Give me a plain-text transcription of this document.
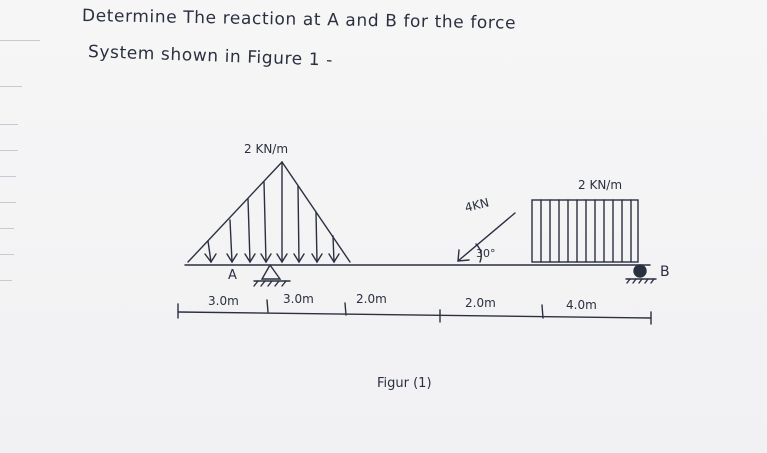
Determine The reaction at A and B for the force
System shown in Figure 1 -
2 KN/m
2 KN/m
4KN
30°
A	B
3.0m	3.0m	2.0m	2.0m	4.0m
Figur (1)
